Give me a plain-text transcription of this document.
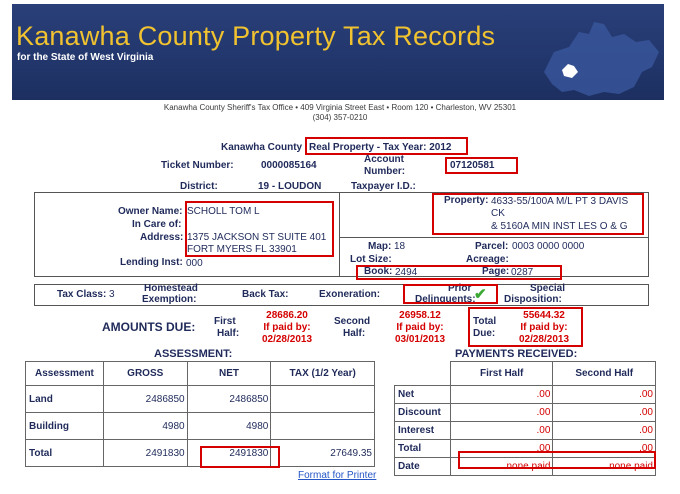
Kanawha County Property Tax Records
for the State of West Virginia
Kanawha County Sheriff's Tax Office • 409 Virginia Street East • Room 120 • Charleston, WV 25301
(304) 357-0210
Kanawha County Real Property - Tax Year: 2012
Ticket Number:	0000085164
Account
Number:
07120581
District:	19 - LOUDON	Taxpayer I.D.:
Owner Name: SCHOLL TOM L
In Care of:
Address: 1375 JACKSON ST SUITE 401
FORT MYERS FL 33901
Lending Inst: 000
Property: 4633-55/100A M/L PT 3 DAVIS
CK
& 5160A MIN INST LES O & G
Map: 18	Parcel: 0003 0000 0000
Lot Size:	Acreage:
Book: 2494	Page: 0287
Tax Class: 3
Homestead
Exemption:	Back Tax:	Exoneration:
Prior
Delinquents:
✔	Special
Disposition:
AMOUNTS DUE: First
Half:
28686.20
If paid by:
02/28/2013
Second
Half:
26958.12
If paid by:
03/01/2013
Total
Due:
55644.32
If paid by:
02/28/2013
ASSESSMENT:	PAYMENTS RECEIVED:
Assessment	GROSS	NET	TAX (1/2 Year)
Land	2486850	2486850	
Building	4980	4980	
Total	2491830	2491830	27649.35
	First Half	Second Half
Net	.00	.00
Discount	.00	.00
Interest	.00	.00
Total	.00	.00
Date	none paid	none paid
Format for Printer
